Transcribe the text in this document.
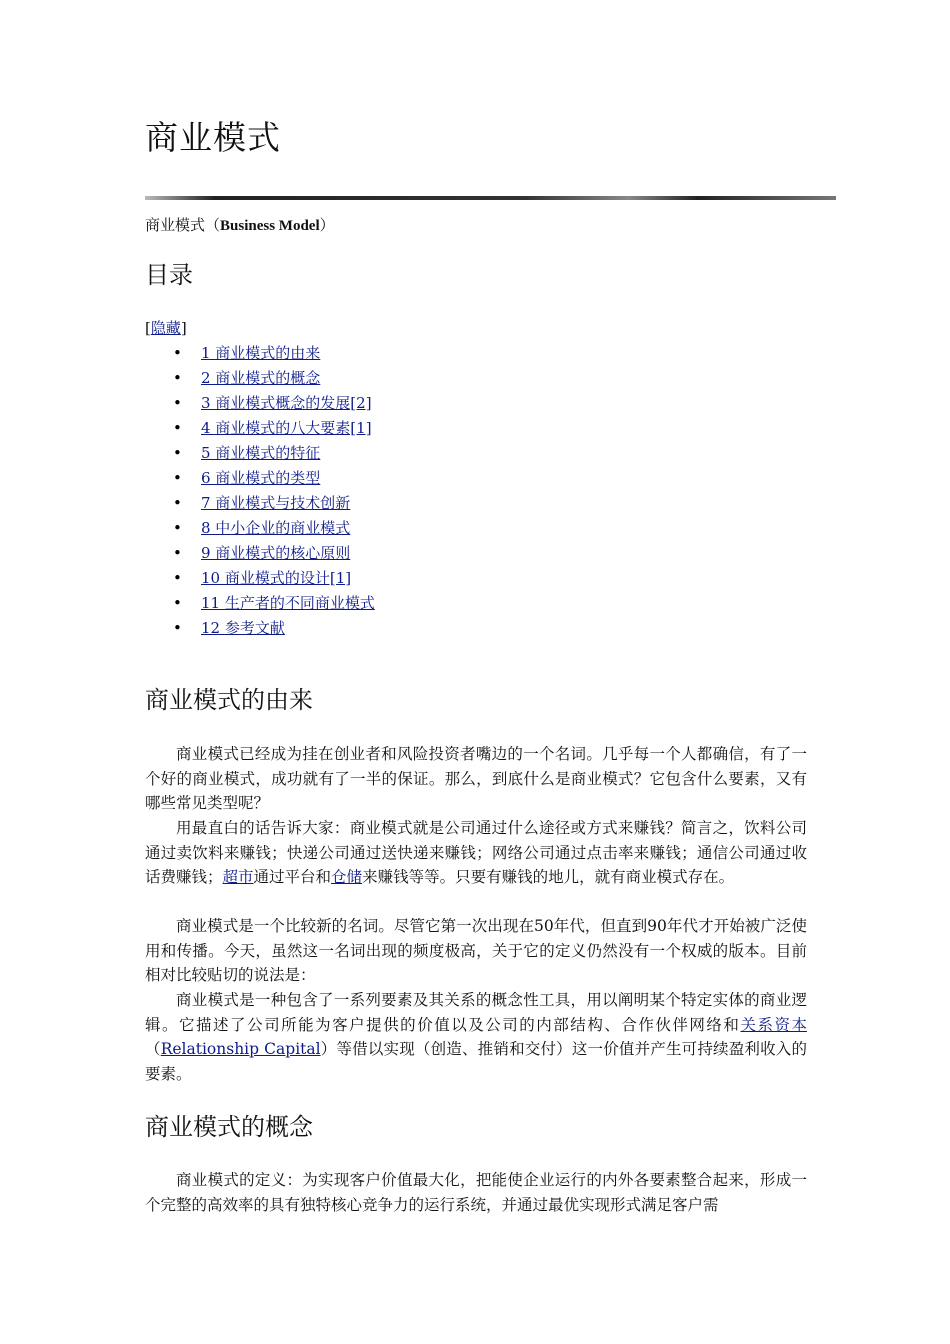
商业模式
商业模式（Business Model）
目录
[隐藏]
• 1 商业模式的由来
• 2 商业模式的概念
• 3 商业模式概念的发展[2]
• 4 商业模式的八大要素[1]
• 5 商业模式的特征
• 6 商业模式的类型
• 7 商业模式与技术创新
• 8 中小企业的商业模式
• 9 商业模式的核心原则
• 10 商业模式的设计[1]
• 11 生产者的不同商业模式
• 12 参考文献
商业模式的由来

商业模式已经成为挂在创业者和风险投资者嘴边的一个名词。几乎每一个人都确信，有了一个好的商业模式，成功就有了一半的保证。那么，到底什么是商业模式？它包含什么要素，又有哪些常见类型呢？

用最直白的话告诉大家：商业模式就是公司通过什么途径或方式来赚钱？简言之，饮料公司通过卖饮料来赚钱；快递公司通过送快递来赚钱；网络公司通过点击率来赚钱；通信公司通过收话费赚钱；超市通过平台和仓储来赚钱等等。只要有赚钱的地儿，就有商业模式存在。

商业模式是一个比较新的名词。尽管它第一次出现在50年代，但直到90年代才开始被广泛使用和传播。今天，虽然这一名词出现的频度极高，关于它的定义仍然没有一个权威的版本。目前相对比较贴切的说法是：

商业模式是一种包含了一系列要素及其关系的概念性工具，用以阐明某个特定实体的商业逻辑。它描述了公司所能为客户提供的价值以及公司的内部结构、合作伙伴网络和关系资本（Relationship Capital）等借以实现（创造、推销和交付）这一价值并产生可持续盈利收入的要素。

商业模式的概念

商业模式的定义：为实现客户价值最大化，把能使企业运行的内外各要素整合起来，形成一个完整的高效率的具有独特核心竞争力的运行系统，并通过最优实现形式满足客户需
